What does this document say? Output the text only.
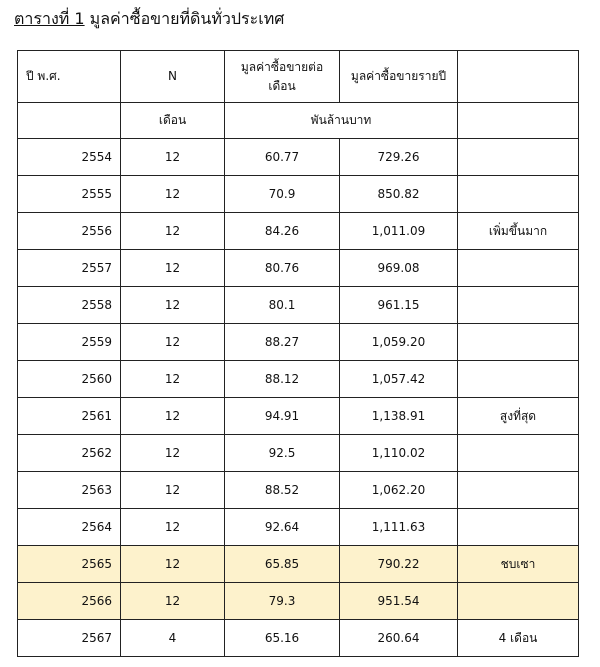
ตารางที่ 1 มูลค่าซื้อขายที่ดินทั่วประเทศ
ปี พ.ศ.	N	มูลค่าซื้อขายต่อเดือน	มูลค่าซื้อขายรายปี	
	เดือน	พันล้านบาท		
2554	12	60.77	729.26	
2555	12	70.9	850.82	
2556	12	84.26	1,011.09	เพิ่มขึ้นมาก
2557	12	80.76	969.08	
2558	12	80.1	961.15	
2559	12	88.27	1,059.20	
2560	12	88.12	1,057.42	
2561	12	94.91	1,138.91	สูงที่สุด
2562	12	92.5	1,110.02	
2563	12	88.52	1,062.20	
2564	12	92.64	1,111.63	
2565	12	65.85	790.22	ชบเซา
2566	12	79.3	951.54	
2567	4	65.16	260.64	4 เดือน
